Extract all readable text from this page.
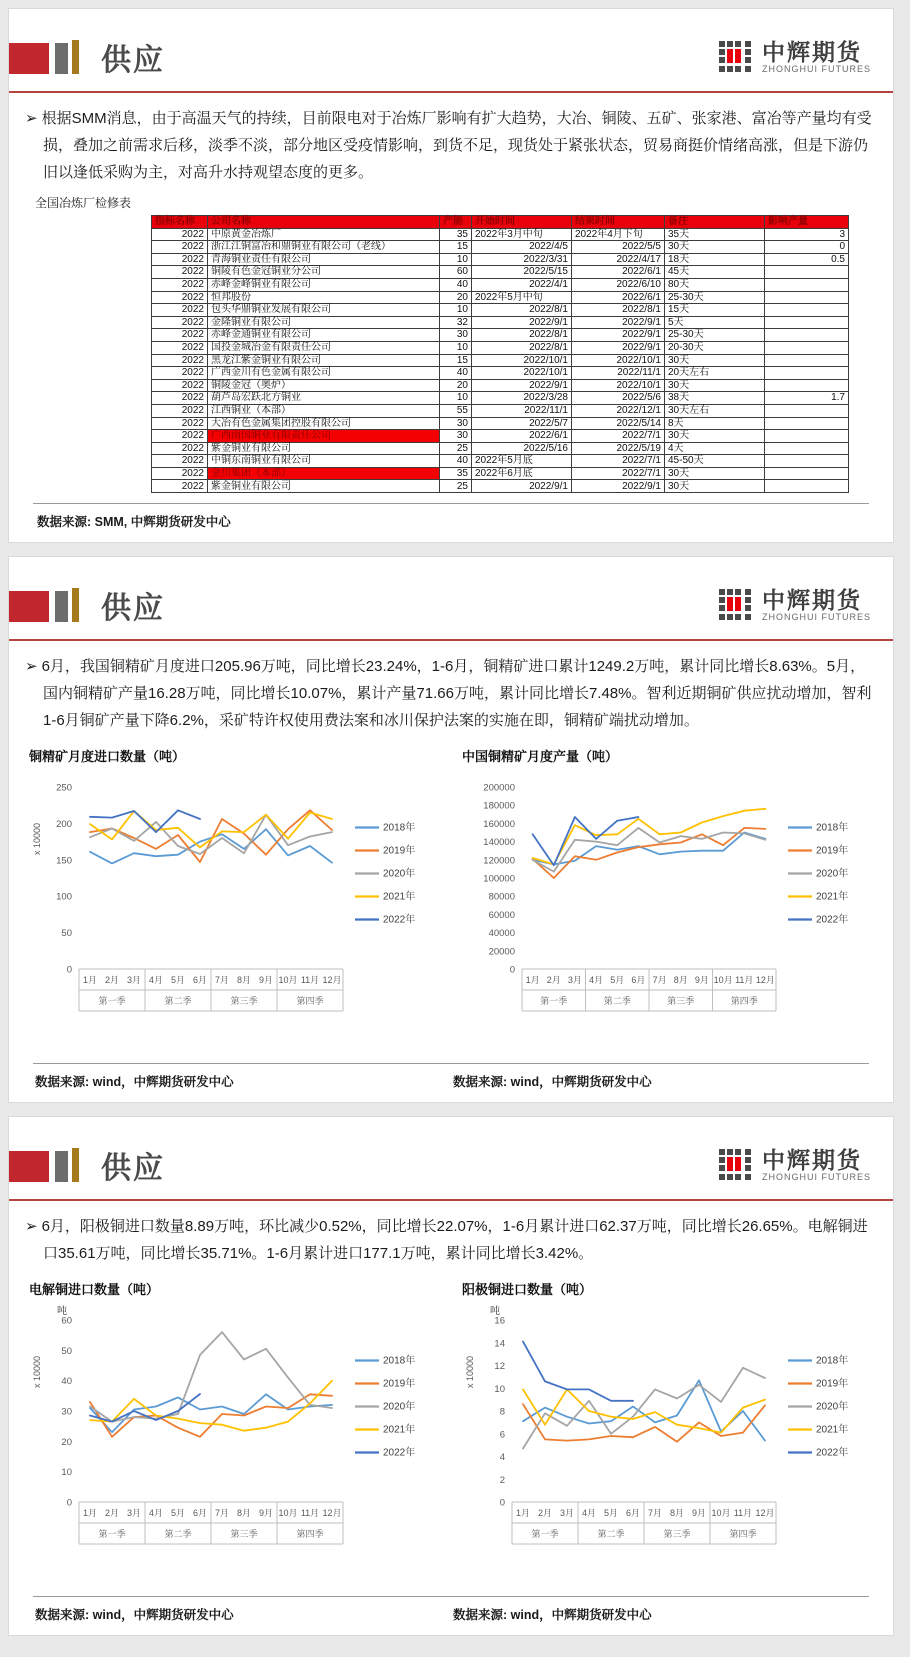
供应	中辉期货
ZHONGHUI FUTURES

➢ 根据SMM消息，由于高温天气的持续，目前限电对于冶炼厂影响有扩大趋势，大冶、铜陵、五矿、张家港、富冶等产量均有受损，叠加之前需求后移，淡季不淡，部分地区受疫情影响，到货不足，现货处于紧张状态，贸易商挺价情绪高涨，但是下游仍旧以逢低采购为主，对高升水持观望态度的更多。

全国冶炼厂检修表
指标名称	公司名称	产能	开始时间	结束时间	备注	影响产量
2022	中原黄金冶炼厂	35	2022年3月中旬	2022年4月下旬	35天	3
2022	浙江江铜富冶和鼎铜业有限公司（老线）	15	2022/4/5	2022/5/5	30天	0
2022	青海铜业责任有限公司	10	2022/3/31	2022/4/17	18天	0.5
2022	铜陵有色金冠铜业分公司	60	2022/5/15	2022/6/1	45天	
2022	赤峰金峰铜业有限公司	40	2022/4/1	2022/6/10	80天	
2022	恒邦股份	20	2022年5月中旬	2022/6/1	25-30天	
2022	包头华鼎铜业发展有限公司	10	2022/8/1	2022/8/1	15天	
2022	金隆铜业有限公司	32	2022/9/1	2022/9/1	5天	
2022	赤峰金通铜业有限公司	30	2022/8/1	2022/9/1	25-30天	
2022	国投金城冶金有限责任公司	10	2022/8/1	2022/9/1	20-30天	
2022	黑龙江紫金铜业有限公司	15	2022/10/1	2022/10/1	30天	
2022	广西金川有色金属有限公司	40	2022/10/1	2022/11/1	20天左右	
2022	铜陵金冠（奥炉）	20	2022/9/1	2022/10/1	30天	
2022	葫芦岛宏跃北方铜业	10	2022/3/28	2022/5/6	38天	1.7
2022	江西铜业（本部）	55	2022/11/1	2022/12/1	30天左右	
2022	大冶有色金属集团控股有限公司	30	2022/5/7	2022/5/14	8天	
2022	广西南国铜业有限责任公司	30	2022/6/1	2022/7/1	30天	
2022	紫金铜业有限公司	25	2022/5/16	2022/5/19	4天	
2022	中铜东南铜业有限公司	40	2022年5月底	2022/7/1	45-50天	
2022	金川集团（本部）	35	2022年6月底	2022/7/1	30天	
2022	紫金铜业有限公司	25	2022/9/1	2022/9/1	30天	
数据来源: SMM, 中辉期货研发中心
供应	中辉期货
ZHONGHUI FUTURES

➢ 6月，我国铜精矿月度进口205.96万吨，同比增长23.24%，1-6月，铜精矿进口累计1249.2万吨，累计同比增长8.63%。5月，国内铜精矿产量16.28万吨，同比增长10.07%，累计产量71.66万吨，累计同比增长7.48%。智利近期铜矿供应扰动增加，智利1-6月铜矿产量下降6.2%，采矿特许权使用费法案和冰川保护法案的实施在即，铜精矿端扰动增加。

铜精矿月度进口数量（吨）
250
200
150
100
50
0
x 10000
1月 2月 3月 4月 5月 6月 7月 8月 9月 10月 11月 12月
第一季	第二季	第三季	第四季
2018年
2019年
2020年
2021年
2022年
中国铜精矿月度产量（吨）
200000
180000
160000
140000
120000
100000
80000
60000
40000
20000
0
1月 2月 3月 4月 5月 6月 7月 8月 9月 10月 11月 12月
第一季	第二季	第三季	第四季
2018年
2019年
2020年
2021年
2022年
数据来源: wind，中辉期货研发中心	数据来源: wind，中辉期货研发中心
供应	中辉期货
ZHONGHUI FUTURES

➢ 6月，阳极铜进口数量8.89万吨，环比减少0.52%，同比增长22.07%，1-6月累计进口62.37万吨，同比增长26.65%。电解铜进口35.61万吨，同比增长35.71%。1-6月累计进口177.1万吨，累计同比增长3.42%。

电解铜进口数量（吨）
60
50
40
30
20
10
0
x 10000
吨
1月 2月 3月 4月 5月 6月 7月 8月 9月 10月 11月 12月
第一季	第二季	第三季	第四季
2018年
2019年
2020年
2021年
2022年
阳极铜进口数量（吨）
16
14
12
10
8
6
4
2
0
x 10000
吨
1月 2月 3月 4月 5月 6月 7月 8月 9月 10月 11月 12月
第一季	第二季	第三季	第四季
2018年
2019年
2020年
2021年
2022年
数据来源: wind，中辉期货研发中心	数据来源: wind，中辉期货研发中心
